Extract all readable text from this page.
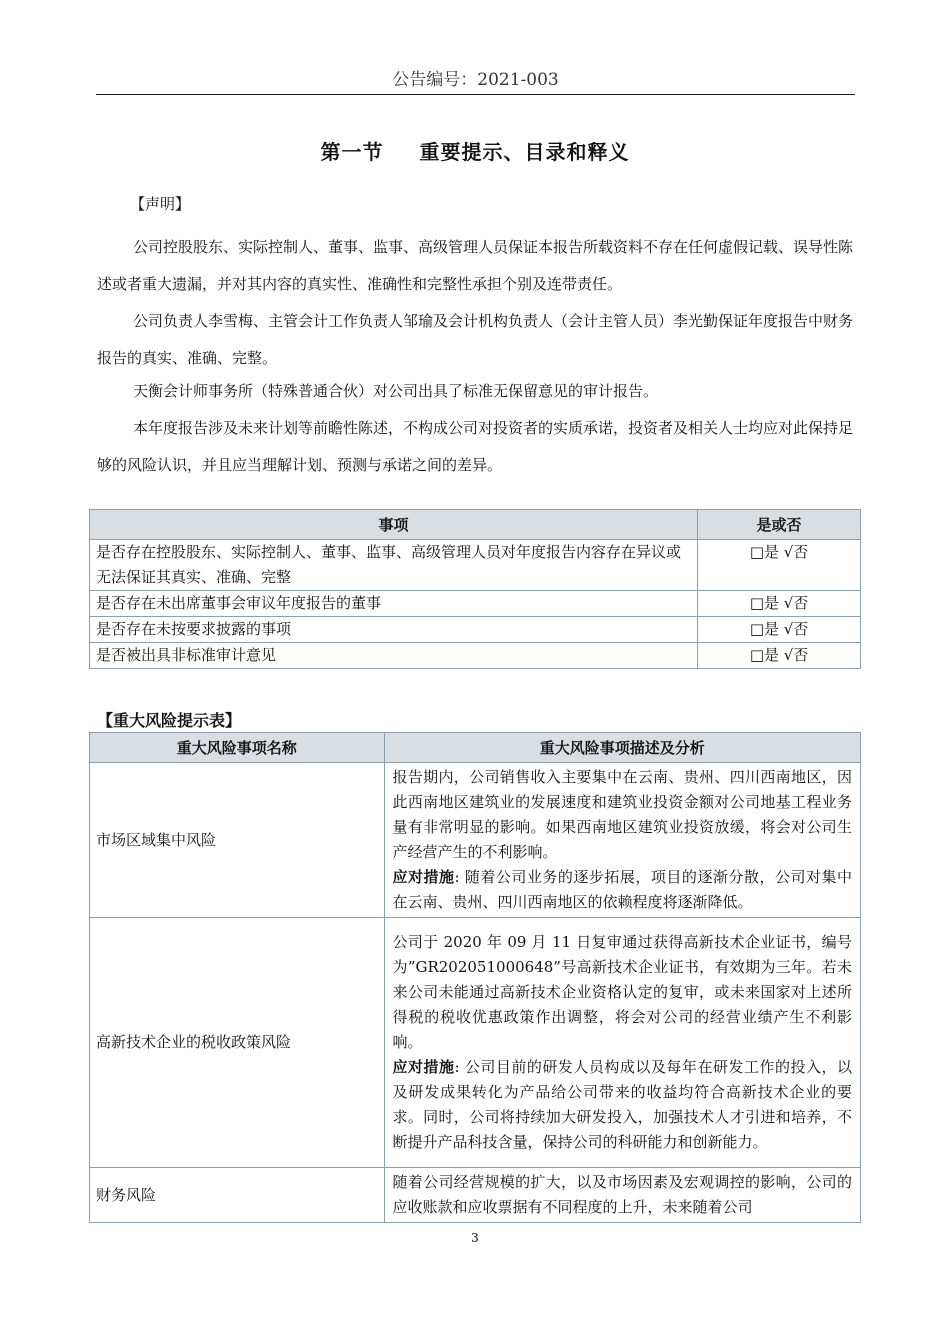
公告编号：2021-003
第一节 重要提示、目录和释义
【声明】
公司控股股东、实际控制人、董事、监事、高级管理人员保证本报告所载资料不存在任何虚假记载、误导性陈述或者重大遗漏，并对其内容的真实性、准确性和完整性承担个别及连带责任。
公司负责人李雪梅、主管会计工作负责人邹瑜及会计机构负责人（会计主管人员）李光勤保证年度报告中财务报告的真实、准确、完整。
天衡会计师事务所（特殊普通合伙）对公司出具了标准无保留意见的审计报告。
本年度报告涉及未来计划等前瞻性陈述，不构成公司对投资者的实质承诺，投资者及相关人士均应对此保持足够的风险认识，并且应当理解计划、预测与承诺之间的差异。
事项	是或否
是否存在控股股东、实际控制人、董事、监事、高级管理人员对年度报告内容存在异议或无法保证其真实、准确、完整	□是 √否
是否存在未出席董事会审议年度报告的董事	□是 √否
是否存在未按要求披露的事项	□是 √否
是否被出具非标准审计意见	□是 √否
【重大风险提示表】
重大风险事项名称	重大风险事项描述及分析
市场区域集中风险	报告期内，公司销售收入主要集中在云南、贵州、四川西南地区，因此西南地区建筑业的发展速度和建筑业投资金额对公司地基工程业务量有非常明显的影响。如果西南地区建筑业投资放缓，将会对公司生产经营产生的不利影响。
应对措施: 随着公司业务的逐步拓展，项目的逐渐分散，公司对集中在云南、贵州、四川西南地区的依赖程度将逐渐降低。
高新技术企业的税收政策风险	公司于 2020 年 09 月 11 日复审通过获得高新技术企业证书，编号为”GR202051000648”号高新技术企业证书，有效期为三年。若未来公司未能通过高新技术企业资格认定的复审，或未来国家对上述所得税的税收优惠政策作出调整，将会对公司的经营业绩产生不利影响。
应对措施: 公司目前的研发人员构成以及每年在研发工作的投入，以及研发成果转化为产品给公司带来的收益均符合高新技术企业的要求。同时，公司将持续加大研发投入，加强技术人才引进和培养，不断提升产品科技含量，保持公司的科研能力和创新能力。
财务风险	随着公司经营规模的扩大，以及市场因素及宏观调控的影响，公司的应收账款和应收票据有不同程度的上升，未来随着公司
3
